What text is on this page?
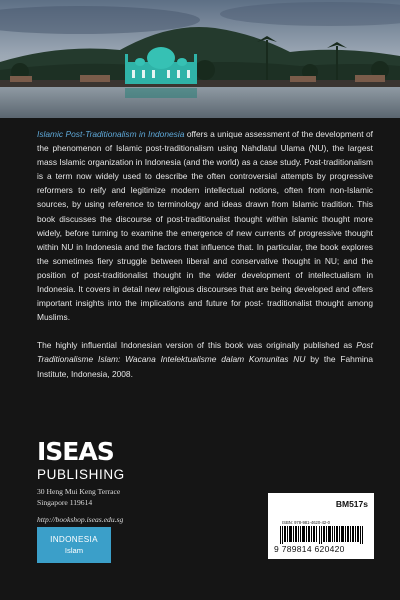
Islamic Post-Traditionalism in Indonesia offers a unique assessment of the development of the phenomenon of Islamic post-traditionalism using Nahdlatul Ulama (NU), the largest mass Islamic organization in Indonesia (and the world) as a case study. Post-traditionalism is a term now widely used to describe the often controversial attempts by progressive reformers to reify and legitimize modern intellectual notions, often from non-Islamic sources, by using reference to terminology and ideas drawn from Islamic tradition. This book discusses the discourse of post-traditionalist thought within Islamic thought more widely, before turning to examine the emergence of new currents of progressive thought within NU in Indonesia and the factors that influence that. In particular, the book explores the sometimes fiery struggle between liberal and conservative thought in NU; and the position of post-traditionalist thought in the wider development of intellectualism in Indonesia. It covers in detail new religious discourses that are being developed and offers important insights into the implications and future for post- traditionalist thought among Muslims.

The highly influential Indonesian version of this book was originally published as Post Traditionalisme Islam: Wacana Intelektualisme dalam Komunitas NU by the Fahmina Institute, Indonesia, 2008.

ISEAS
PUBLISHING
30 Heng Mui Keng Terrace
Singapore 119614
http://bookshop.iseas.edu.sg
INDONESIA
Islam
BM517s
ISBN: 978-981-4620-42-0
9 789814 620420
